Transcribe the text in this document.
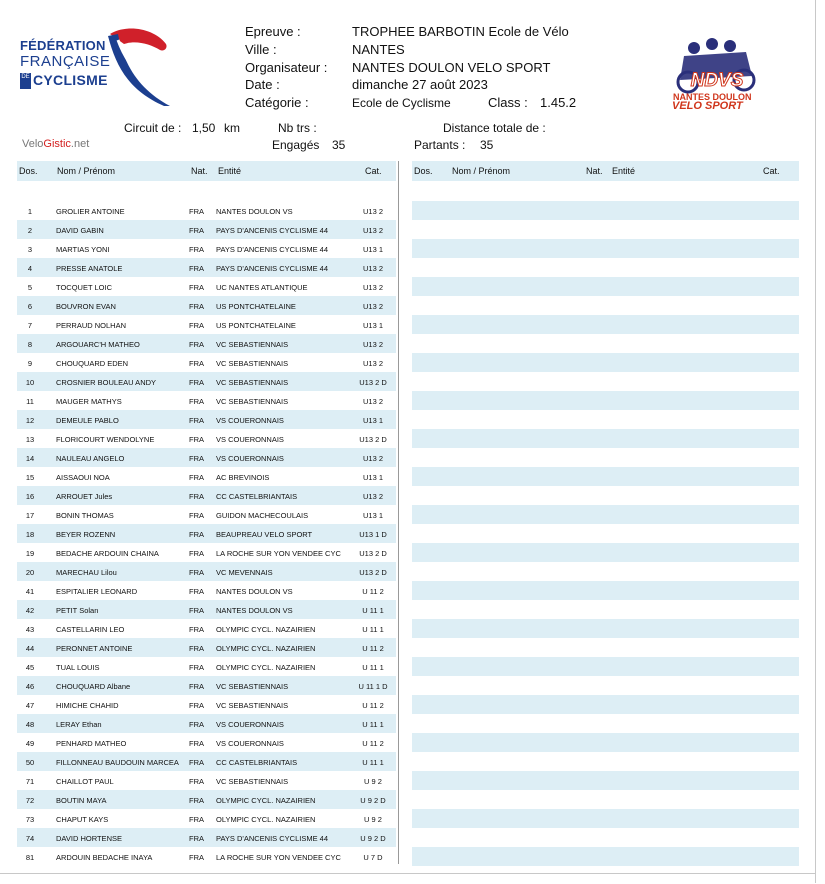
FÉDÉRATION
FRANÇAISE
DE CYCLISME
Epreuve :	TROPHEE BARBOTIN Ecole de Vélo
Ville :	NANTES
Organisateur : NANTES DOULON VELO SPORT
Date :	dimanche 27 août 2023
Catégorie :	Ecole de Cyclisme	Class : 1.45.2
NDVS
NANTES DOULON
VELO SPORT
VeloGistic.net
Circuit de : 1,50 km	Nb trs :	Distance totale de :
Engagés 35	Partants : 35
Dos. Nom / Prénom	Nat. Entité	Cat.	Dos. Nom / Prénom	Nat. Entité	Cat.
1	GROLIER ANTOINE	FRA NANTES DOULON VS	U13 2
2	DAVID GABIN	FRA PAYS D'ANCENIS CYCLISME 44	U13 2
3	MARTIAS YONI	FRA PAYS D'ANCENIS CYCLISME 44	U13 1
4	PRESSE ANATOLE	FRA PAYS D'ANCENIS CYCLISME 44	U13 2
5	TOCQUET LOIC	FRA UC NANTES ATLANTIQUE	U13 2
6	BOUVRON EVAN	FRA US PONTCHATELAINE	U13 2
7	PERRAUD NOLHAN	FRA US PONTCHATELAINE	U13 1
8	ARGOUARC'H MATHEO	FRA VC SEBASTIENNAIS	U13 2
9	CHOUQUARD EDEN	FRA VC SEBASTIENNAIS	U13 2
10	CROSNIER BOULEAU ANDY	FRA VC SEBASTIENNAIS	U13 2 D
11	MAUGER MATHYS	FRA VC SEBASTIENNAIS	U13 2
12	DEMEULE PABLO	FRA VS COUERONNAIS	U13 1
13	FLORICOURT WENDOLYNE	FRA VS COUERONNAIS	U13 2 D
14	NAULEAU ANGELO	FRA VS COUERONNAIS	U13 2
15	AISSAOUI NOA	FRA AC BREVINOIS	U13 1
16	ARROUET Jules	FRA CC CASTELBRIANTAIS	U13 2
17	BONIN THOMAS	FRA GUIDON MACHECOULAIS	U13 1
18	BEYER ROZENN	FRA BEAUPREAU VELO SPORT	U13 1 D
19	BEDACHE ARDOUIN CHAINA	FRA LA ROCHE SUR YON VENDEE CYC	U13 2 D
20	MARECHAU Lilou	FRA VC MEVENNAIS	U13 2 D
41	ESPITALIER LEONARD	FRA NANTES DOULON VS	U 11 2
42	PETIT Solan	FRA NANTES DOULON VS	U 11 1
43	CASTELLARIN LEO	FRA OLYMPIC CYCL. NAZAIRIEN	U 11 1
44	PERONNET ANTOINE	FRA OLYMPIC CYCL. NAZAIRIEN	U 11 2
45	TUAL LOUIS	FRA OLYMPIC CYCL. NAZAIRIEN	U 11 1
46	CHOUQUARD Albane	FRA VC SEBASTIENNAIS	U 11 1 D
47	HIMICHE CHAHID	FRA VC SEBASTIENNAIS	U 11 2
48	LERAY Ethan	FRA VS COUERONNAIS	U 11 1
49	PENHARD MATHEO	FRA VS COUERONNAIS	U 11 2
50	FILLONNEAU BAUDOUIN MARCEA	FRA CC CASTELBRIANTAIS	U 11 1
71	CHAILLOT PAUL	FRA VC SEBASTIENNAIS	U 9 2
72	BOUTIN MAYA	FRA OLYMPIC CYCL. NAZAIRIEN	U 9 2 D
73	CHAPUT KAYS	FRA OLYMPIC CYCL. NAZAIRIEN	U 9 2
74	DAVID HORTENSE	FRA PAYS D'ANCENIS CYCLISME 44	U 9 2 D
81	ARDOUIN BEDACHE INAYA	FRA LA ROCHE SUR YON VENDEE CYC	U 7 D
